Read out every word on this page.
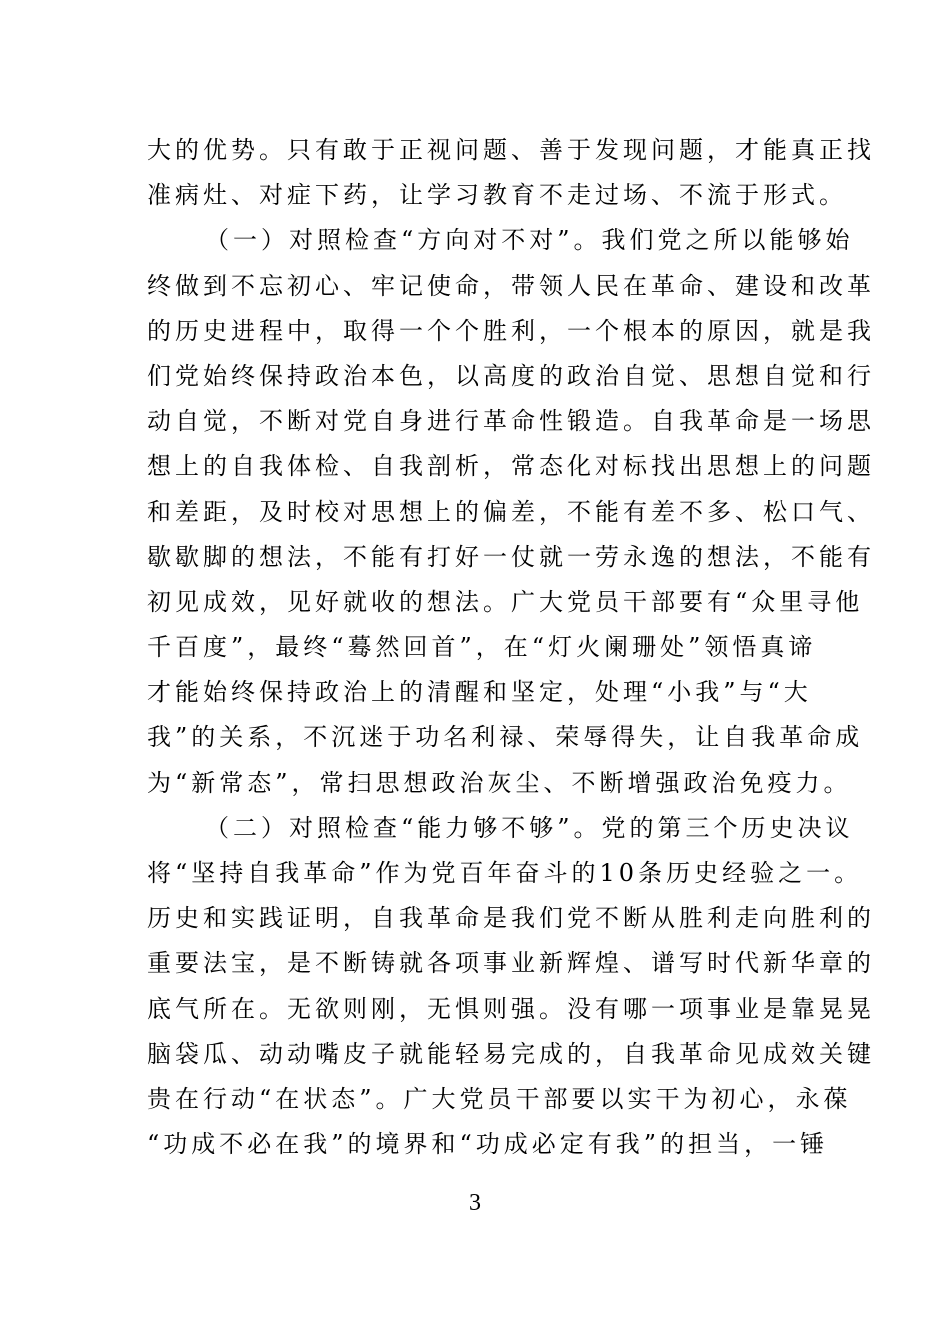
大的优势。只有敢于正视问题、善于发现问题，才能真正找
准病灶、对症下药，让学习教育不走过场、不流于形式。
（一）对照检查“方向对不对”。我们党之所以能够始
终做到不忘初心、牢记使命，带领人民在革命、建设和改革
的历史进程中，取得一个个胜利，一个根本的原因，就是我
们党始终保持政治本色，以高度的政治自觉、思想自觉和行
动自觉，不断对党自身进行革命性锻造。自我革命是一场思
想上的自我体检、自我剖析，常态化对标找出思想上的问题
和差距，及时校对思想上的偏差，不能有差不多、松口气、
歇歇脚的想法，不能有打好一仗就一劳永逸的想法，不能有
初见成效，见好就收的想法。广大党员干部要有“众里寻他
千百度”，最终“蓦然回首”，在“灯火阑珊处”领悟真谛
才能始终保持政治上的清醒和坚定，处理“小我”与“大
我”的关系，不沉迷于功名利禄、荣辱得失，让自我革命成
为“新常态”，常扫思想政治灰尘、不断增强政治免疫力。
（二）对照检查“能力够不够”。党的第三个历史决议
将“坚持自我革命”作为党百年奋斗的10条历史经验之一。
历史和实践证明，自我革命是我们党不断从胜利走向胜利的
重要法宝，是不断铸就各项事业新辉煌、谱写时代新华章的
底气所在。无欲则刚，无惧则强。没有哪一项事业是靠晃晃
脑袋瓜、动动嘴皮子就能轻易完成的，自我革命见成效关键
贵在行动“在状态”。广大党员干部要以实干为初心，永葆
“功成不必在我”的境界和“功成必定有我”的担当，一锤
3
